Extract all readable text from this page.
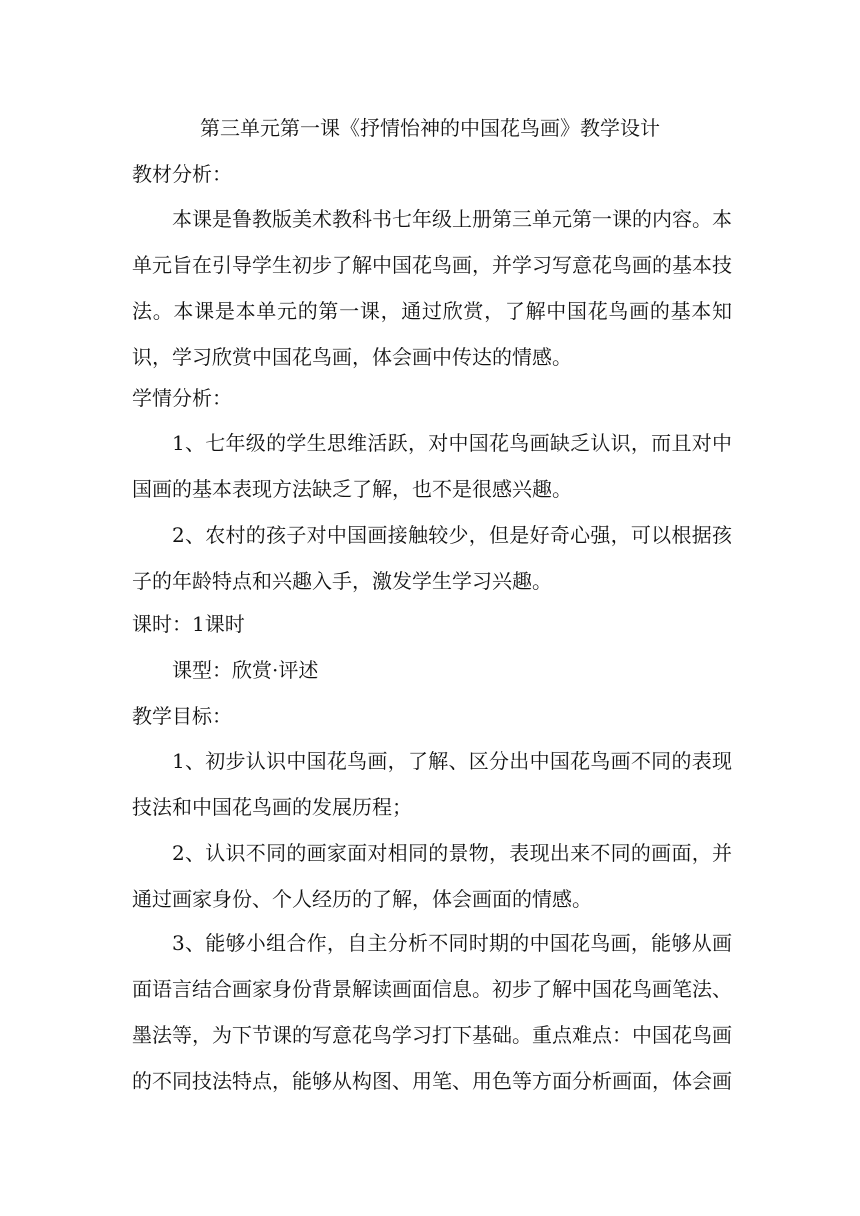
第三单元第一课《抒情怡神的中国花鸟画》教学设计
教材分析：
本课是鲁教版美术教科书七年级上册第三单元第一课的内容。本单元旨在引导学生初步了解中国花鸟画，并学习写意花鸟画的基本技法。本课是本单元的第一课，通过欣赏，了解中国花鸟画的基本知识，学习欣赏中国花鸟画，体会画中传达的情感。
学情分析：
1、七年级的学生思维活跃，对中国花鸟画缺乏认识，而且对中国画的基本表现方法缺乏了解，也不是很感兴趣。
2、农村的孩子对中国画接触较少，但是好奇心强，可以根据孩子的年龄特点和兴趣入手，激发学生学习兴趣。
课时：1课时
课型：欣赏·评述
教学目标：
1、初步认识中国花鸟画，了解、区分出中国花鸟画不同的表现技法和中国花鸟画的发展历程；
2、认识不同的画家面对相同的景物，表现出来不同的画面，并通过画家身份、个人经历的了解，体会画面的情感。
3、能够小组合作，自主分析不同时期的中国花鸟画，能够从画面语言结合画家身份背景解读画面信息。初步了解中国花鸟画笔法、墨法等，为下节课的写意花鸟学习打下基础。重点难点：中国花鸟画的不同技法特点，能够从构图、用笔、用色等方面分析画面，体会画
